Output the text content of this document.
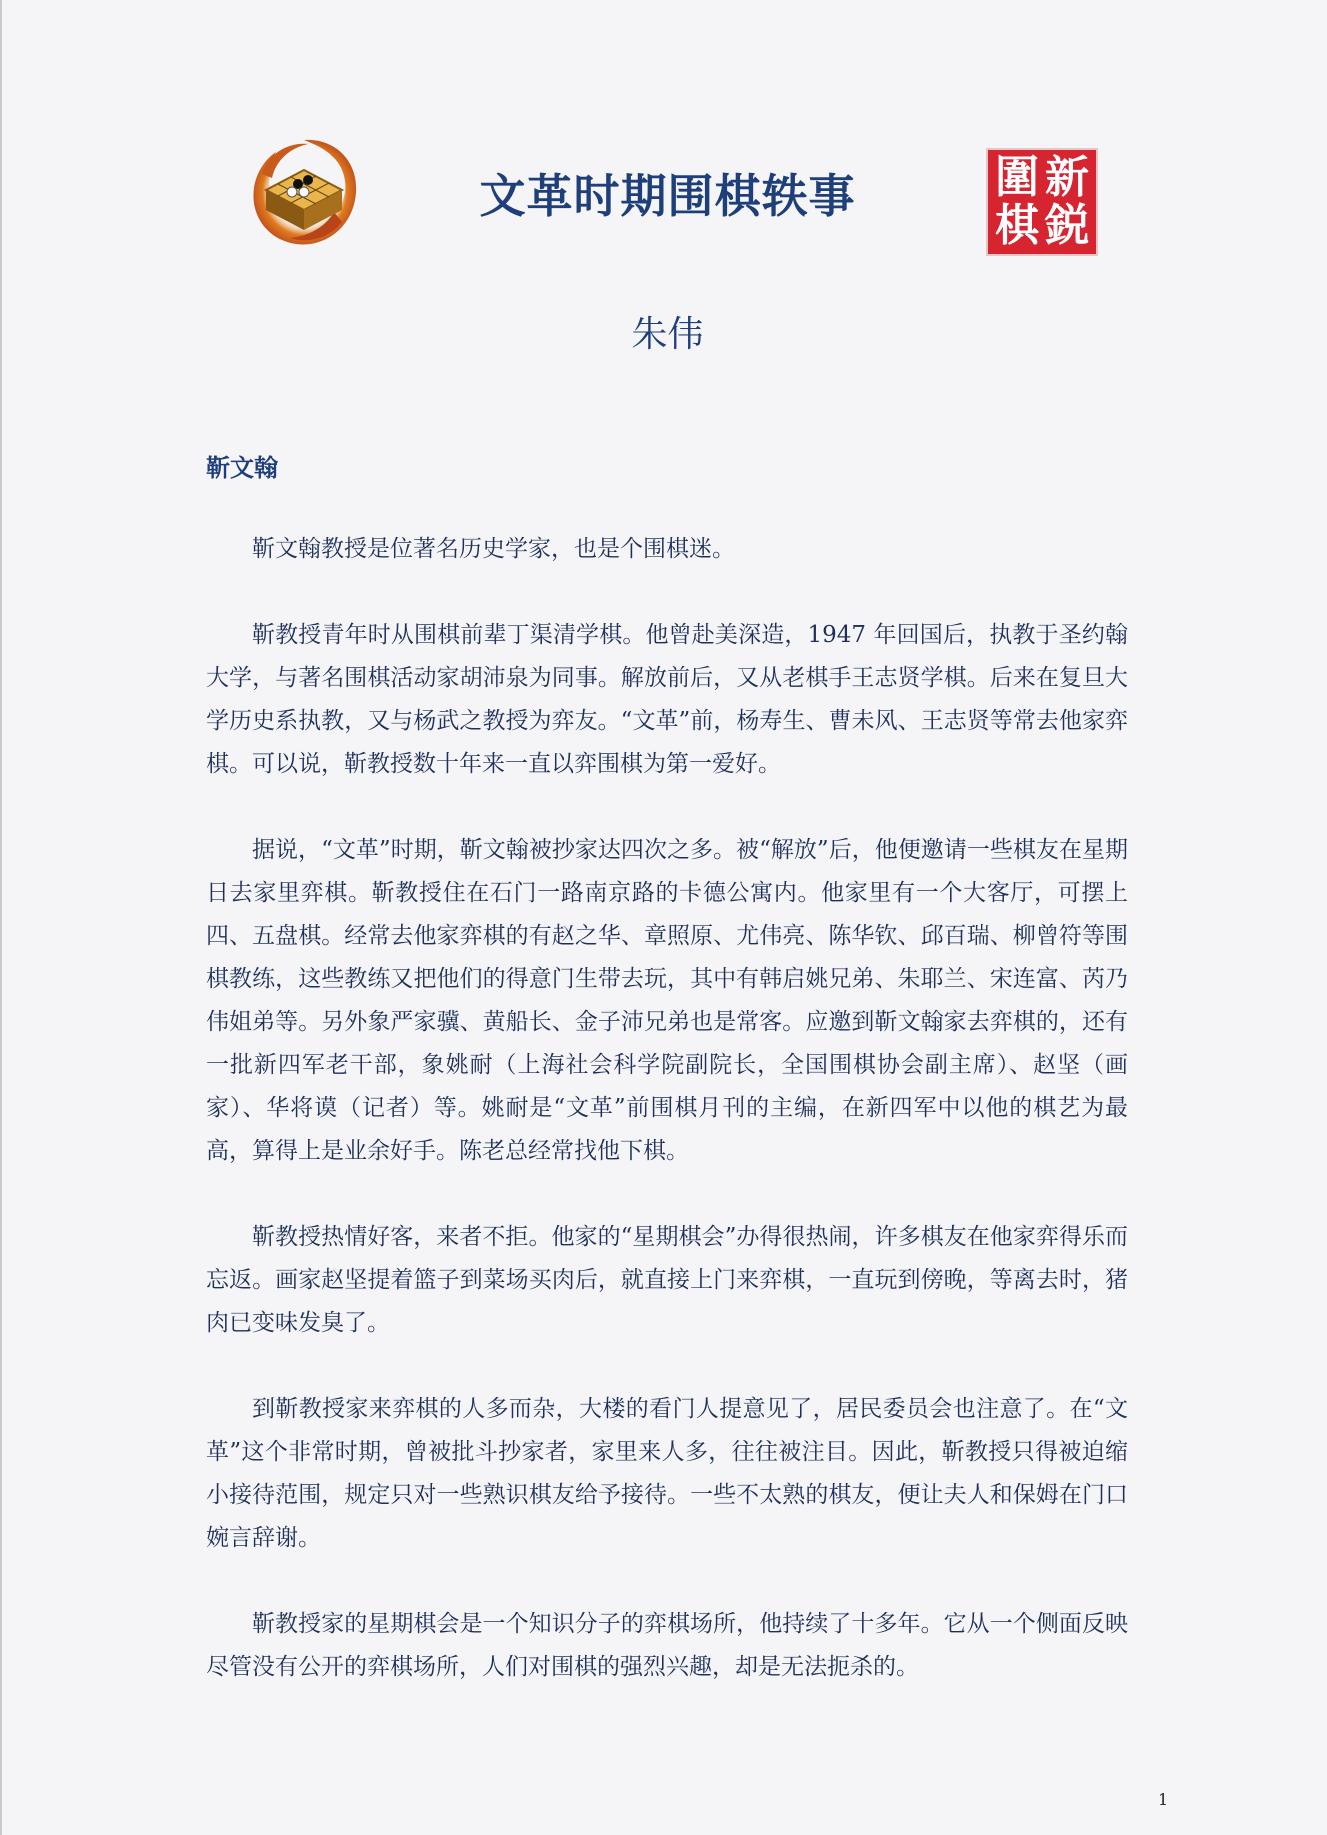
文革时期围棋轶事	新
鋭
圍
棋
朱伟
靳文翰

靳文翰教授是位著名历史学家，也是个围棋迷。

靳教授青年时从围棋前辈丁渠清学棋。他曾赴美深造，1947 年回国后，执教于圣约翰大学，与著名围棋活动家胡沛泉为同事。解放前后，又从老棋手王志贤学棋。后来在复旦大学历史系执教，又与杨武之教授为弈友。“文革”前，杨寿生、曹未风、王志贤等常去他家弈棋。可以说，靳教授数十年来一直以弈围棋为第一爱好。

据说，“文革”时期，靳文翰被抄家达四次之多。被“解放”后，他便邀请一些棋友在星期日去家里弈棋。靳教授住在石门一路南京路的卡德公寓内。他家里有一个大客厅，可摆上四、五盘棋。经常去他家弈棋的有赵之华、章照原、尤伟亮、陈华钦、邱百瑞、柳曾符等围棋教练，这些教练又把他们的得意门生带去玩，其中有韩启姚兄弟、朱耶兰、宋连富、芮乃伟姐弟等。另外象严家骥、黄船长、金子沛兄弟也是常客。应邀到靳文翰家去弈棋的，还有一批新四军老干部，象姚耐（上海社会科学院副院长，全国围棋协会副主席）、赵坚（画家）、华将谟（记者）等。姚耐是“文革”前围棋月刊的主编，在新四军中以他的棋艺为最高，算得上是业余好手。陈老总经常找他下棋。

靳教授热情好客，来者不拒。他家的“星期棋会”办得很热闹，许多棋友在他家弈得乐而忘返。画家赵坚提着篮子到菜场买肉后，就直接上门来弈棋，一直玩到傍晚，等离去时，猪肉已变味发臭了。

到靳教授家来弈棋的人多而杂，大楼的看门人提意见了，居民委员会也注意了。在“文革”这个非常时期，曾被批斗抄家者，家里来人多，往往被注目。因此，靳教授只得被迫缩小接待范围，规定只对一些熟识棋友给予接待。一些不太熟的棋友，便让夫人和保姆在门口婉言辞谢。

靳教授家的星期棋会是一个知识分子的弈棋场所，他持续了十多年。它从一个侧面反映尽管没有公开的弈棋场所，人们对围棋的强烈兴趣，却是无法扼杀的。

1
